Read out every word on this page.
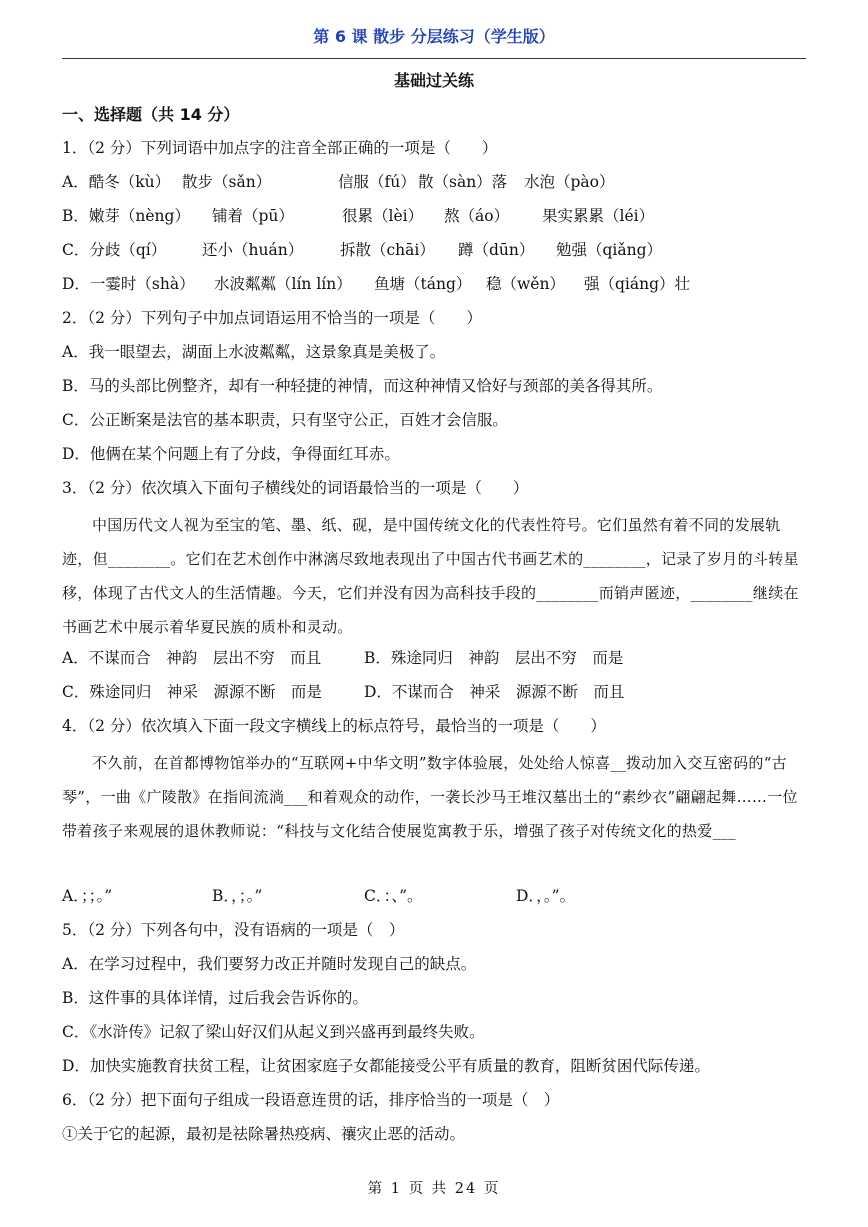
第 6 课 散步 分层练习（学生版）
基础过关练
一、选择题（共 14 分）
1．（2 分）下列词语中加点字的注音全部正确的一项是（　　）
A．酷冬（kù） 散步（sǎn）	信服（fú） 散（sàn）落 水泡（pào）
B．嫩芽（nèng） 铺着（pū）	很累（lèi） 熬（áo） 果实累累（léi）
C．分歧（qí） 还小（huán） 拆散（chāi） 蹲（dūn） 勉强（qiǎng）
D．一霎时（shà） 水波粼粼（lín lín） 鱼塘（táng） 稳（wěn） 强（qiáng）壮
2．（2 分）下列句子中加点词语运用不恰当的一项是（　　）
A．我一眼望去，湖面上水波粼粼，这景象真是美极了。
B．马的头部比例整齐，却有一种轻捷的神情，而这种神情又恰好与颈部的美各得其所。
C．公正断案是法官的基本职责，只有坚守公正，百姓才会信服。
D．他俩在某个问题上有了分歧，争得面红耳赤。
3．（2 分）依次填入下面句子横线处的词语最恰当的一项是（　　）
中国历代文人视为至宝的笔、墨、纸、砚，是中国传统文化的代表性符号。它们虽然有着不同的发展轨迹，但________。它们在艺术创作中淋漓尽致地表现出了中国古代书画艺术的________，记录了岁月的斗转星移，体现了古代文人的生活情趣。今天，它们并没有因为高科技手段的________而销声匿迹，________继续在书画艺术中展示着华夏民族的质朴和灵动。
A．不谋而合　神韵　层出不穷　而且	B．殊途同归　神韵　层出不穷　而是
C．殊途同归　神采　源源不断　而是	D．不谋而合　神采　源源不断　而且
4．（2 分）依次填入下面一段文字横线上的标点符号，最恰当的一项是（　　）
不久前，在首都博物馆举办的“互联网+中华文明”数字体验展，处处给人惊喜__拨动加入交互密码的“古琴”，一曲《广陵散》在指间流淌___和着观众的动作，一袭长沙马王堆汉墓出土的“素纱衣”翩翩起舞……一位带着孩子来观展的退休教师说：“科技与文化结合使展览寓教于乐，增强了孩子对传统文化的热爱___
A．；；。”	B．，；。”	C．：、”。	D．，。”。
5．（2 分）下列各句中，没有语病的一项是（　）
A．在学习过程中，我们要努力改正并随时发现自己的缺点。
B．这件事的具体详情，过后我会告诉你的。
C．《水浒传》记叙了梁山好汉们从起义到兴盛再到最终失败。
D．加快实施教育扶贫工程，让贫困家庭子女都能接受公平有质量的教育，阻断贫困代际传递。
6．（2 分）把下面句子组成一段语意连贯的话，排序恰当的一项是（　）
①关于它的起源，最初是祛除暑热疫病、禳灾止恶的活动。
第 1 页 共 24 页
